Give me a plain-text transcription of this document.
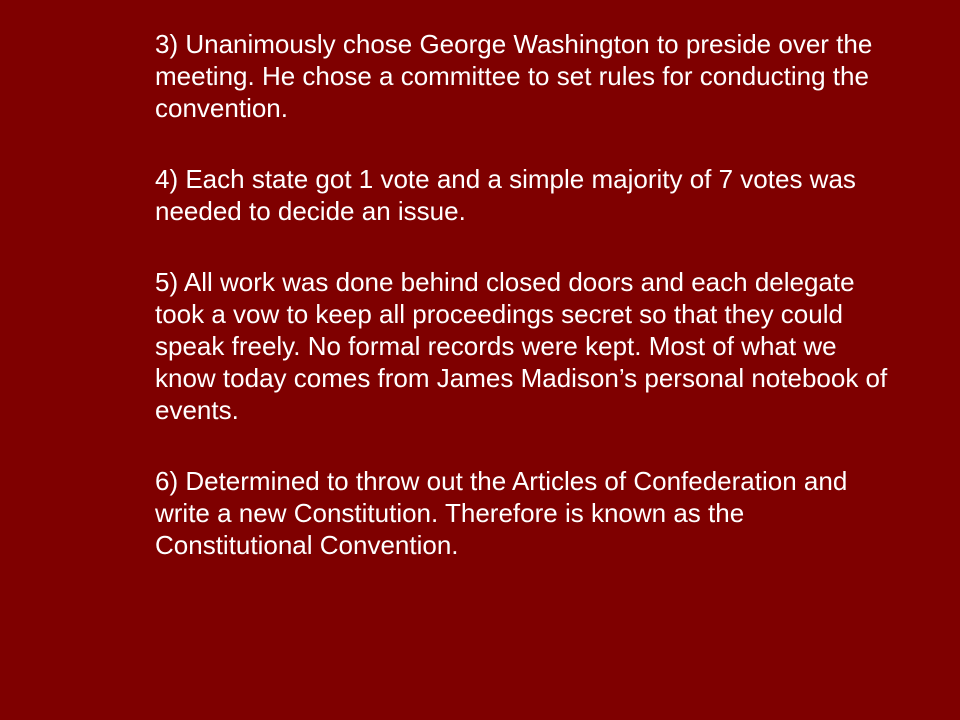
3) Unanimously chose George Washington to preside over the meeting. He chose a committee to set rules for conducting the convention.

4) Each state got 1 vote and a simple majority of 7 votes was needed to decide an issue.

5) All work was done behind closed doors and each delegate took a vow to keep all proceedings secret so that they could speak freely. No formal records were kept. Most of what we know today comes from James Madison’s personal notebook of events.

6) Determined to throw out the Articles of Confederation and write a new Constitution. Therefore is known as the Constitutional Convention.
